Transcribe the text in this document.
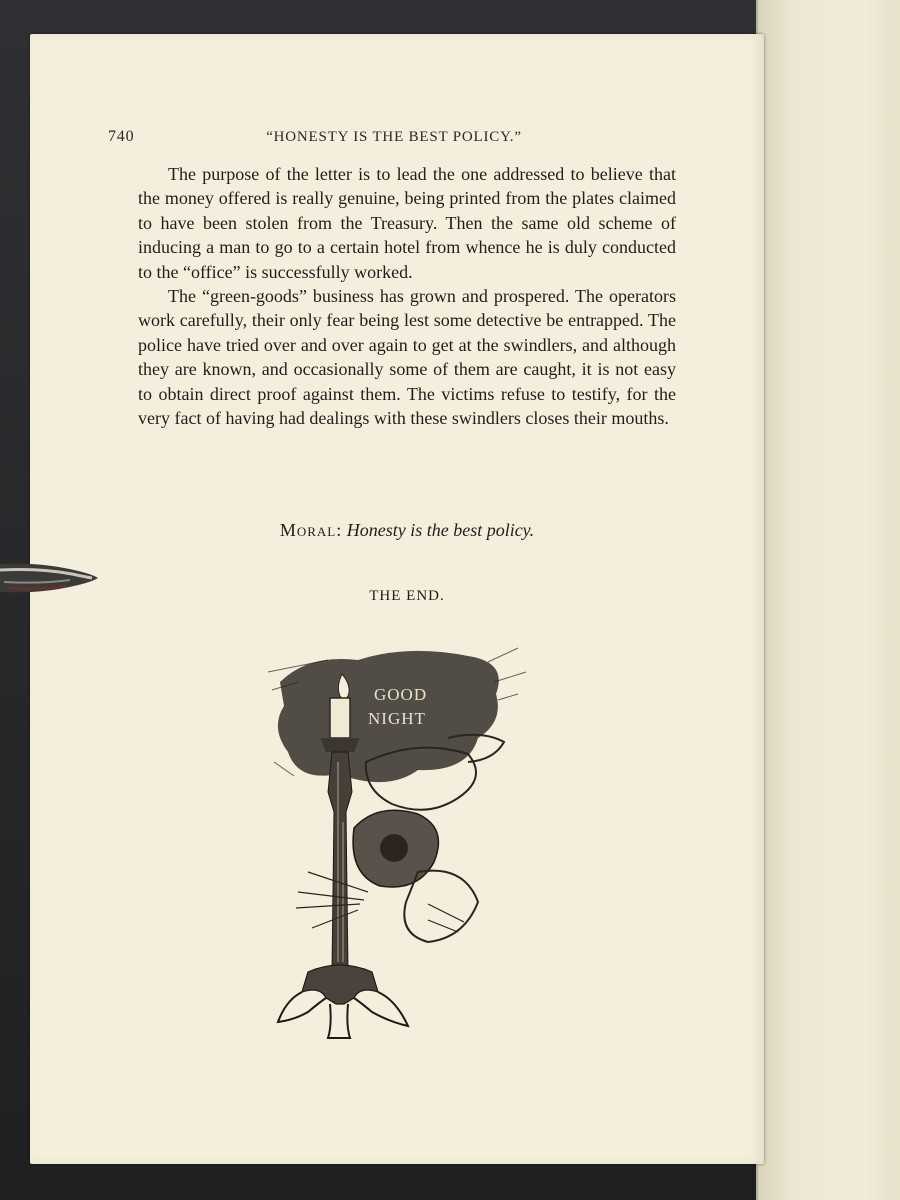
740	“HONESTY IS THE BEST POLICY.”

The purpose of the letter is to lead the one addressed to believe that the money offered is really genuine, being printed from the plates claimed to have been stolen from the Treasury. Then the same old scheme of inducing a man to go to a certain hotel from whence he is duly conducted to the “office” is successfully worked.

The “green-goods” business has grown and prospered. The operators work carefully, their only fear being lest some detective be entrapped. The police have tried over and over again to get at the swindlers, and although they are known, and occasionally some of them are caught, it is not easy to obtain direct proof against them. The victims refuse to testify, for the very fact of having had dealings with these swindlers closes their mouths.

Moral: Honesty is the best policy.
THE END.
GOOD
NIGHT
